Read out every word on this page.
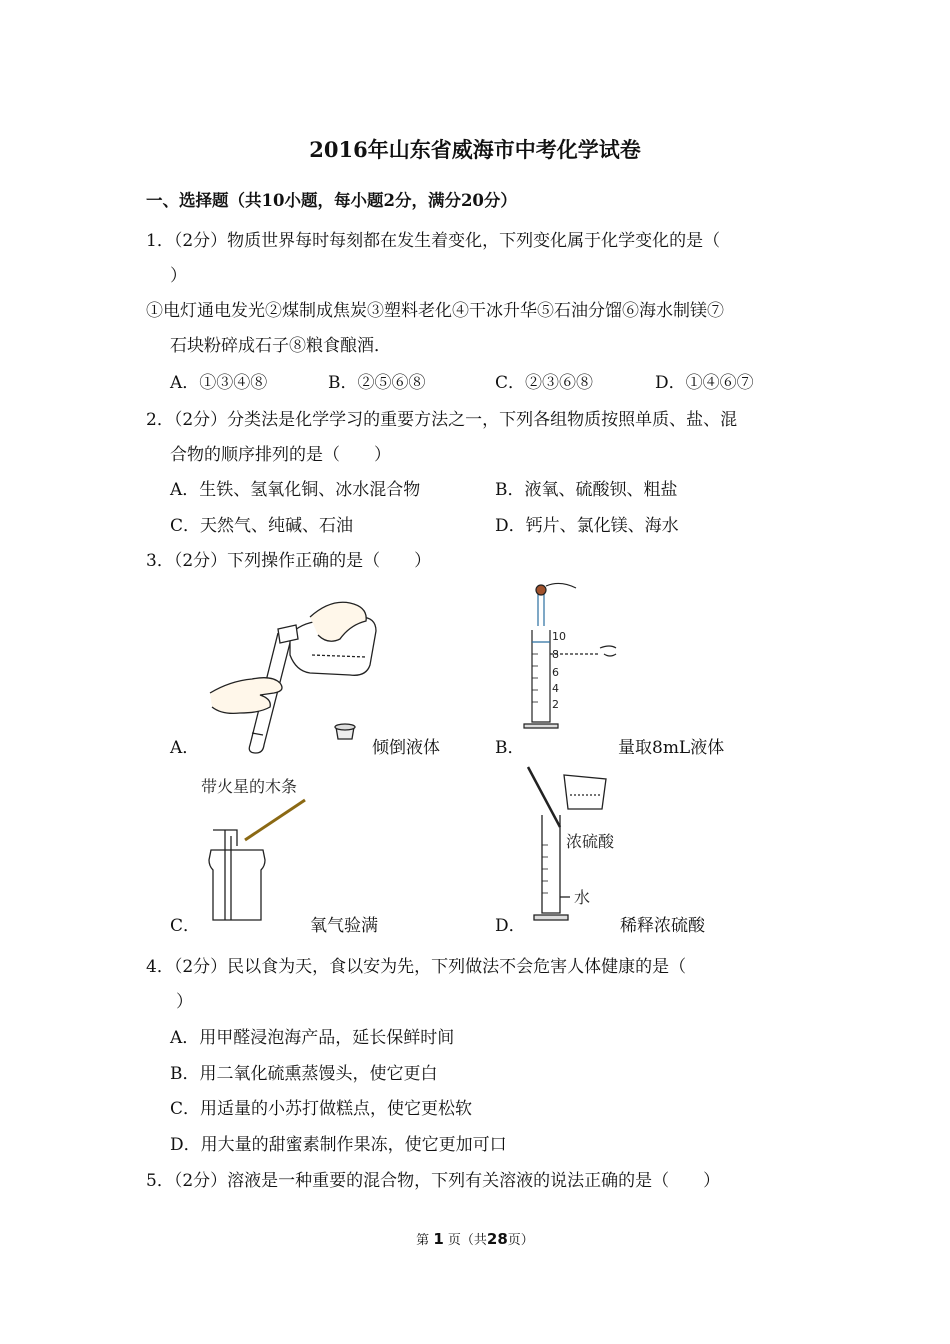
2016年山东省威海市中考化学试卷
一、选择题（共10小题，每小题2分，满分20分）
1．（2分）物质世界每时每刻都在发生着变化，下列变化属于化学变化的是（
）
①电灯通电发光②煤制成焦炭③塑料老化④干冰升华⑤石油分馏⑥海水制镁⑦
石块粉碎成石子⑧粮食酿酒．
A．①③④⑧	B．②⑤⑥⑧	C．②③⑥⑧	D．①④⑥⑦
2．（2分）分类法是化学学习的重要方法之一，下列各组物质按照单质、盐、混
合物的顺序排列的是（　　）
A．生铁、氢氧化铜、冰水混合物	B．液氧、硫酸钡、粗盐
C．天然气、纯碱、石油	D．钙片、氯化镁、海水
3．（2分）下列操作正确的是（　　）
A．	倾倒液体
10
8
6
4
2
B．	量取8mL液体
带火星的木条
C．	氧气验满
浓硫酸
水
D．	稀释浓硫酸
4．（2分）民以食为天，食以安为先，下列做法不会危害人体健康的是（
）
A．用甲醛浸泡海产品，延长保鲜时间
B．用二氧化硫熏蒸馒头，使它更白
C．用适量的小苏打做糕点，使它更松软
D．用大量的甜蜜素制作果冻，使它更加可口
5．（2分）溶液是一种重要的混合物，下列有关溶液的说法正确的是（　　）
第 1 页（共28页）
